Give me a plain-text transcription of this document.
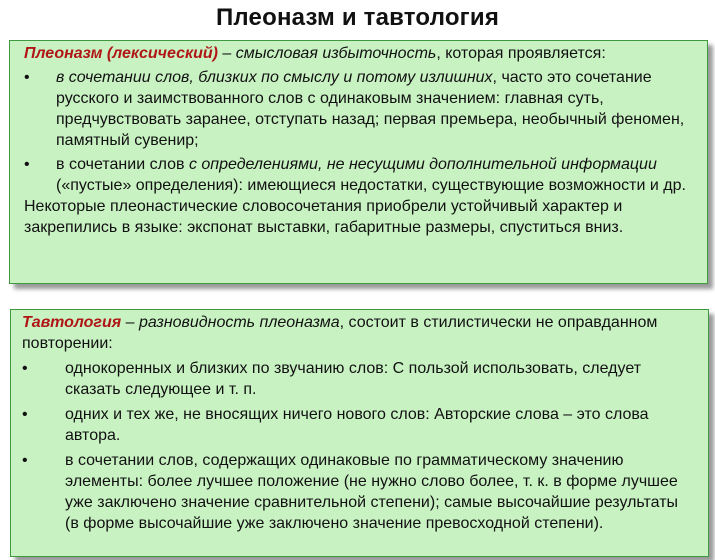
Плеоназм и тавтология
Плеоназм (лексический) – смысловая избыточность, которая проявляется:
•	в сочетании слов, близких по смыслу и потому излишних, часто это сочетание русского и заимствованного слов с одинаковым значением: главная суть, предчувствовать заранее, отступать назад; первая премьера, необычный феномен, памятный сувенир;
•	в сочетании слов с определениями, не несущими дополнительной информации («пустые» определения): имеющиеся недостатки, существующие возможности и др.
Некоторые плеонастические словосочетания приобрели устойчивый характер и закрепились в языке: экспонат выставки, габаритные размеры, спуститься вниз.
Тавтология – разновидность плеоназма, состоит в стилистически не оправданном повторении:
•	однокоренных и близких по звучанию слов: С пользой использовать, следует сказать следующее и т. п.
•	одних и тех же, не вносящих ничего нового слов: Авторские слова – это слова автора.
•	в сочетании слов, содержащих одинаковые по грамматическому значению элементы: более лучшее положение (не нужно слово более, т. к. в форме лучшее уже заключено значение сравнительной степени); самые высочайшие результаты (в форме высочайшие уже заключено значение превосходной степени).
